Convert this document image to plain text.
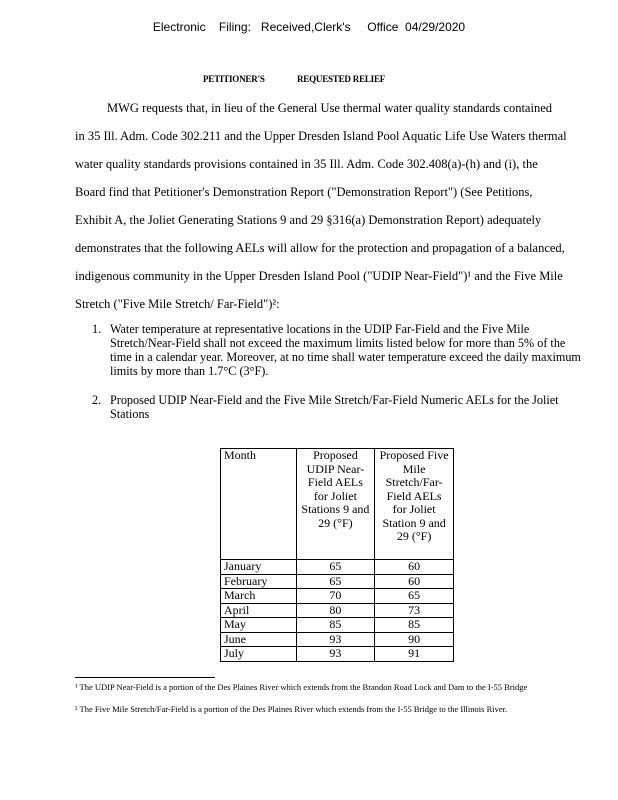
Electronic    Filing:   Received,Clerk's     Office  04/29/2020
PETITIONER'S	REQUESTED RELIEF
MWG requests that, in lieu of the General Use thermal water quality standards contained
in 35 Ill. Adm. Code 302.211 and the Upper Dresden Island Pool Aquatic Life Use Waters thermal
water quality standards provisions contained in 35 Ill. Adm. Code 302.408(a)-(h) and (i), the
Board find that Petitioner's Demonstration Report ("Demonstration Report") (See Petitions,
Exhibit A, the Joliet Generating Stations 9 and 29 §316(a) Demonstration Report) adequately
demonstrates that the following AELs will allow for the protection and propagation of a balanced,
indigenous community in the Upper Dresden Island Pool ("UDIP Near-Field")¹ and the Five Mile
Stretch ("Five Mile Stretch/ Far-Field")²:
1. Water temperature at representative locations in the UDIP Far-Field and the Five Mile Stretch/Near-Field shall not exceed the maximum limits listed below for more than 5% of the time in a calendar year. Moreover, at no time shall water temperature exceed the daily maximum limits by more than 1.7°C (3°F).
2. Proposed UDIP Near-Field and the Five Mile Stretch/Far-Field Numeric AELs for the Joliet Stations
Month	Proposed UDIP Near-Field AELs for Joliet Stations 9 and 29 (°F)	Proposed Five Mile Stretch/Far-Field AELs for Joliet Station 9 and 29 (°F)
January	65	60
February	65	60
March	70	65
April	80	73
May	85	85
June	93	90
July	93	91
¹ The UDIP Near-Field is a portion of the Des Plaines River which extends from the Brandon Road Lock and Dam to the I-55 Bridge
² The Five Mile Stretch/Far-Field is a portion of the Des Plaines River which extends from the I-55 Bridge to the Illinois River.
